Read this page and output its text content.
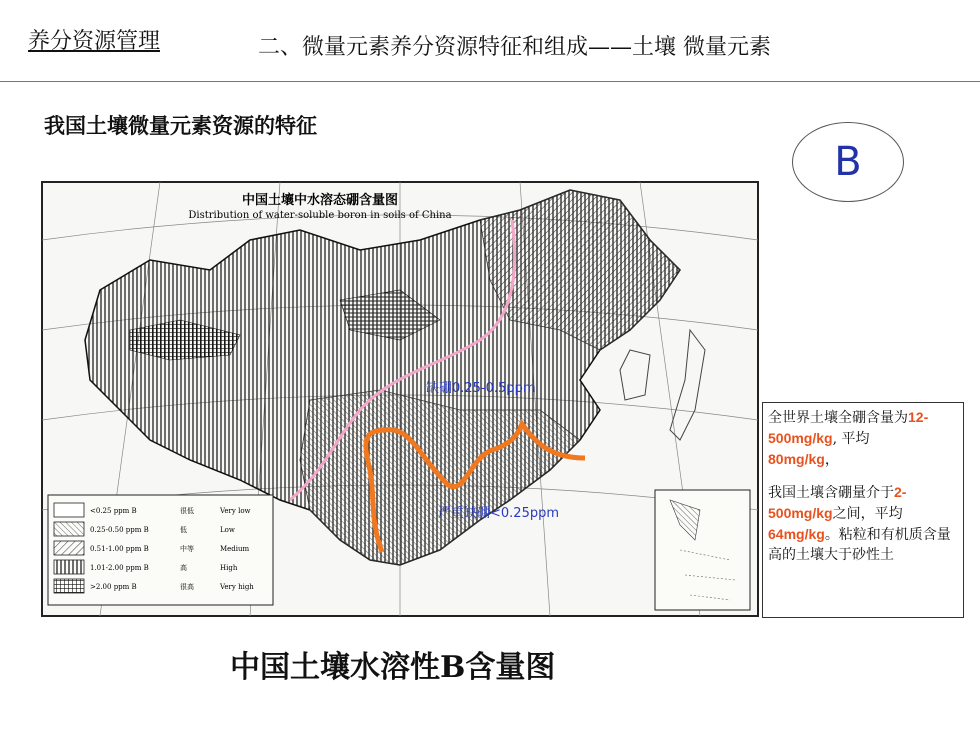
养分资源管理	二、微量元素养分资源特征和组成——土壤 微量元素
我国土壤微量元素资源的特征
B
中国土壤中水溶态硼含量图
Distribution of water-soluble boron in soils of China
缺硼0.25-0.5ppm
严重缺硼<0.25ppm
<0.25 ppm B	很低	Very low
0.25-0.50 ppm B	低	Low
0.51-1.00 ppm B	中等	Medium
1.01-2.00 ppm B	高	High
>2.00 ppm B	很高	Very high

全世界土壤全硼含量为12-500mg/kg, 平均
80mg/kg，

我国土壤含硼量介于2-500mg/kg之间，平均64mg/kg。粘粒和有机质含量高的土壤大于砂性土

中国土壤水溶性B含量图
